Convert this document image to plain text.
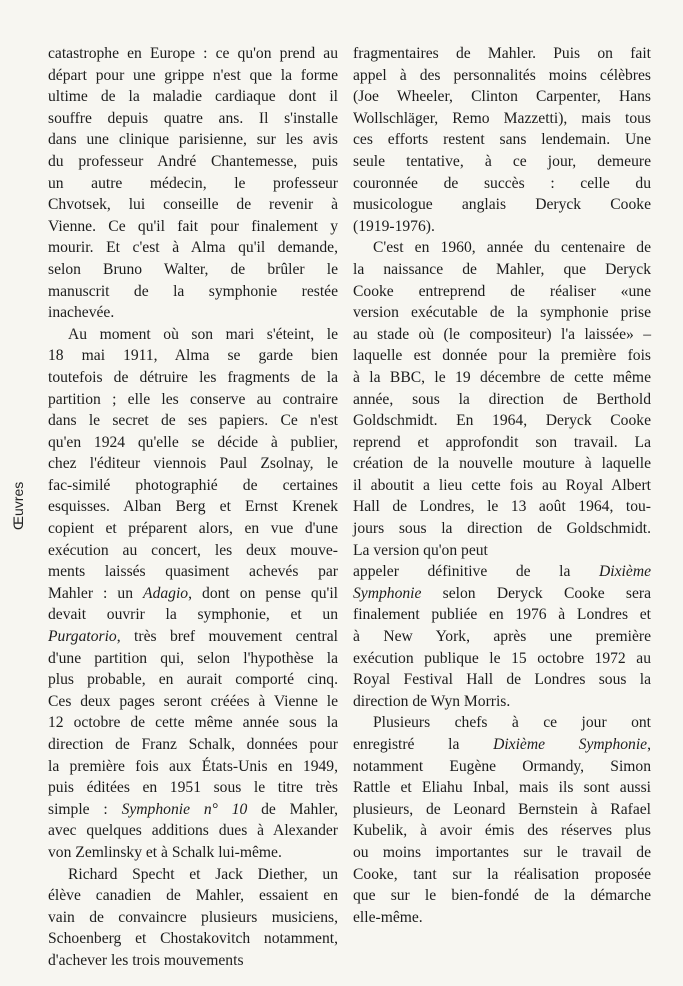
Œuvres
catastrophe en Europe : ce qu'on prend au
départ pour une grippe n'est que la forme
ultime de la maladie cardiaque dont il
souffre depuis quatre ans. Il s'installe
dans une clinique parisienne, sur les avis
du professeur André Chantemesse, puis
un autre médecin, le professeur
Chvotsek, lui conseille de revenir à
Vienne. Ce qu'il fait pour finalement y
mourir. Et c'est à Alma qu'il demande,
selon Bruno Walter, de brûler le
manuscrit de la symphonie restée
inachevée.
Au moment où son mari s'éteint, le
18 mai 1911, Alma se garde bien
toutefois de détruire les fragments de la
partition ; elle les conserve au contraire
dans le secret de ses papiers. Ce n'est
qu'en 1924 qu'elle se décide à publier,
chez l'éditeur viennois Paul Zsolnay, le
fac-similé photographié de certaines
esquisses. Alban Berg et Ernst Krenek
copient et préparent alors, en vue d'une
exécution au concert, les deux mouve-
ments laissés quasiment achevés par
Mahler : un Adagio, dont on pense qu'il
devait ouvrir la symphonie, et un
Purgatorio, très bref mouvement central
d'une partition qui, selon l'hypothèse la
plus probable, en aurait comporté cinq.
Ces deux pages seront créées à Vienne le
12 octobre de cette même année sous la
direction de Franz Schalk, données pour
la première fois aux États-Unis en 1949,
puis éditées en 1951 sous le titre très
simple : Symphonie n° 10 de Mahler,
avec quelques additions dues à Alexander
von Zemlinsky et à Schalk lui-même.
Richard Specht et Jack Diether, un
élève canadien de Mahler, essaient en
vain de convaincre plusieurs musiciens,
Schoenberg et Chostakovitch notamment,
d'achever les trois mouvements
fragmentaires de Mahler. Puis on fait
appel à des personnalités moins célèbres
(Joe Wheeler, Clinton Carpenter, Hans
Wollschläger, Remo Mazzetti), mais tous
ces efforts restent sans lendemain. Une
seule tentative, à ce jour, demeure
couronnée de succès : celle du
musicologue anglais Deryck Cooke
(1919-1976).
C'est en 1960, année du centenaire de
la naissance de Mahler, que Deryck
Cooke entreprend de réaliser «une
version exécutable de la symphonie prise
au stade où (le compositeur) l'a laissée» –
laquelle est donnée pour la première fois
à la BBC, le 19 décembre de cette même
année, sous la direction de Berthold
Goldschmidt. En 1964, Deryck Cooke
reprend et approfondit son travail. La
création de la nouvelle mouture à laquelle
il aboutit a lieu cette fois au Royal Albert
Hall de Londres, le 13 août 1964, tou-
jours sous la direction de Goldschmidt.
La version qu'on peut
appeler définitive de la Dixième
Symphonie selon Deryck Cooke sera
finalement publiée en 1976 à Londres et
à New York, après une première
exécution publique le 15 octobre 1972 au
Royal Festival Hall de Londres sous la
direction de Wyn Morris.
Plusieurs chefs à ce jour ont
enregistré la Dixième Symphonie,
notamment Eugène Ormandy, Simon
Rattle et Eliahu Inbal, mais ils sont aussi
plusieurs, de Leonard Bernstein à Rafael
Kubelik, à avoir émis des réserves plus
ou moins importantes sur le travail de
Cooke, tant sur la réalisation proposée
que sur le bien-fondé de la démarche
elle-même.
